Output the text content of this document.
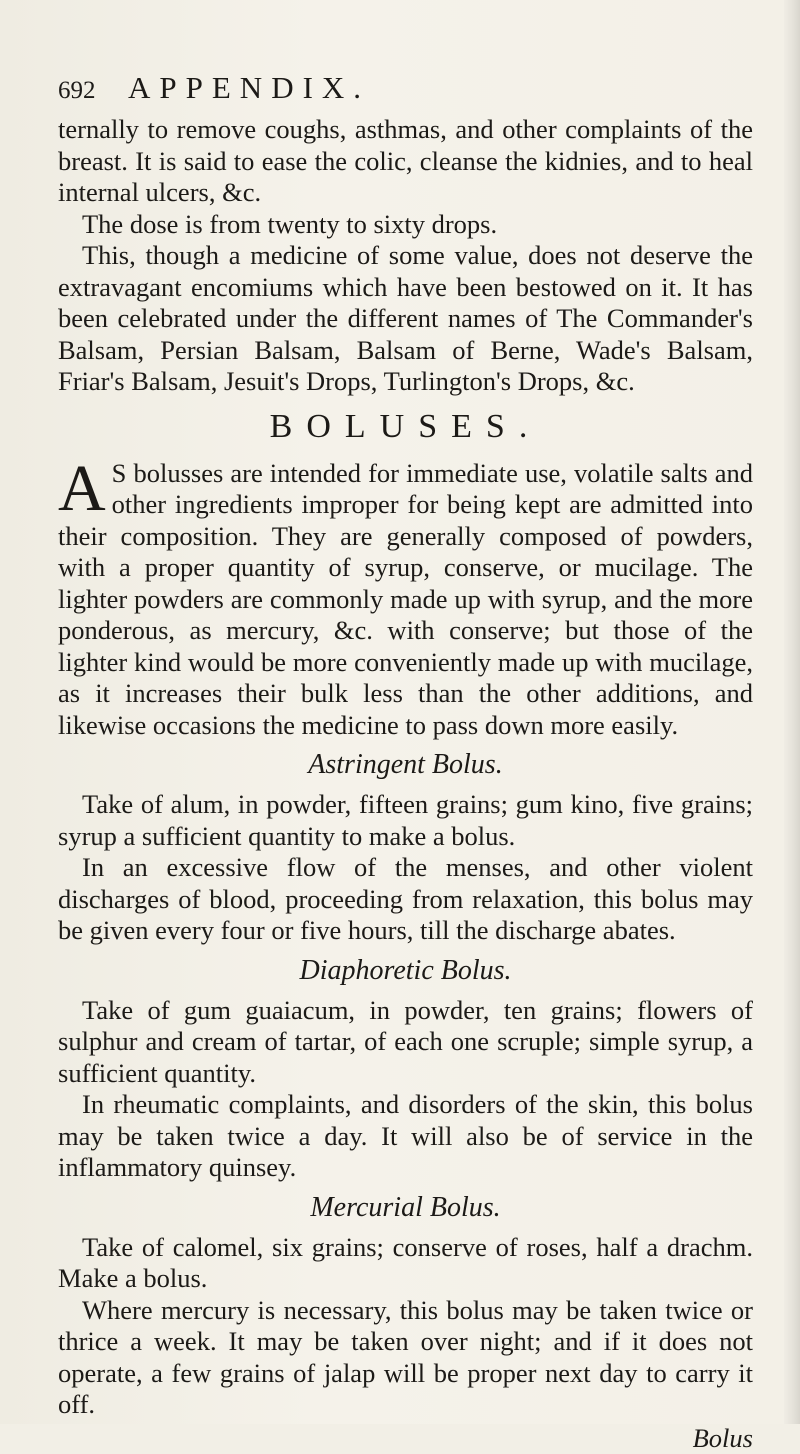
692	APPENDIX.

ternally to remove coughs, asthmas, and other complaints of the breast. It is said to ease the colic, cleanse the kidnies, and to heal internal ulcers, &c.

The dose is from twenty to sixty drops.

This, though a medicine of some value, does not deserve the extravagant encomiums which have been bestowed on it. It has been celebrated under the different names of The Commander's Balsam, Persian Balsam, Balsam of Berne, Wade's Balsam, Friar's Balsam, Jesuit's Drops, Turlington's Drops, &c.

BOLUSES.

A S bolusses are intended for immediate use, volatile salts and other ingredients improper for being kept are admitted into their composition. They are generally composed of powders, with a proper quantity of syrup, conserve, or mucilage. The lighter powders are commonly made up with syrup, and the more ponderous, as mercury, &c. with conserve; but those of the lighter kind would be more conveniently made up with mucilage, as it increases their bulk less than the other additions, and likewise occasions the medicine to pass down more easily.

Astringent Bolus.

Take of alum, in powder, fifteen grains; gum kino, five grains; syrup a sufficient quantity to make a bolus.

In an excessive flow of the menses, and other violent discharges of blood, proceeding from relaxation, this bolus may be given every four or five hours, till the discharge abates.

Diaphoretic Bolus.

Take of gum guaiacum, in powder, ten grains; flowers of sulphur and cream of tartar, of each one scruple; simple syrup, a sufficient quantity.

In rheumatic complaints, and disorders of the skin, this bolus may be taken twice a day. It will also be of service in the inflammatory quinsey.

Mercurial Bolus.

Take of calomel, six grains; conserve of roses, half a drachm. Make a bolus.

Where mercury is necessary, this bolus may be taken twice or thrice a week. It may be taken over night; and if it does not operate, a few grains of jalap will be proper next day to carry it off.

Bolus
